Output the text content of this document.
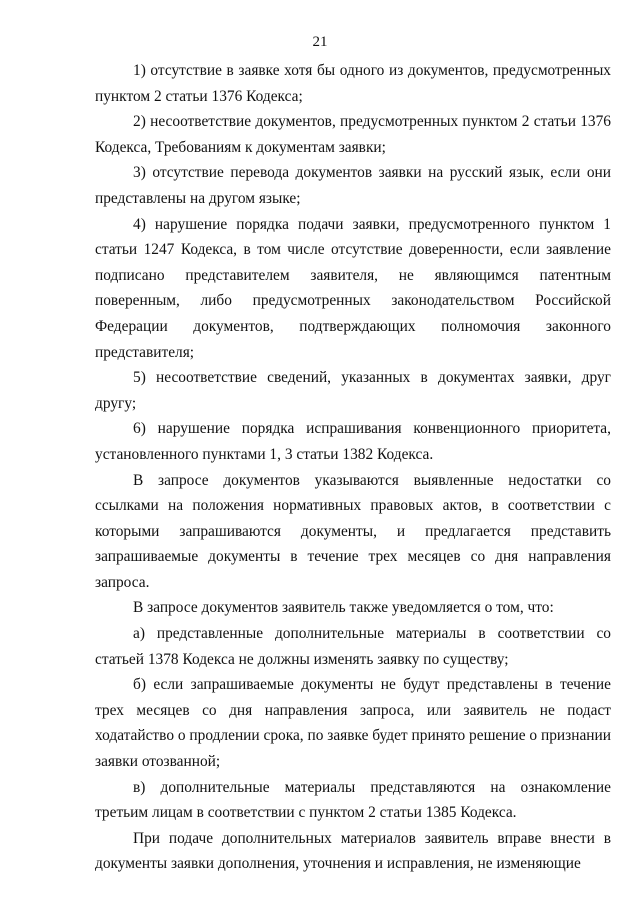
21

1) отсутствие в заявке хотя бы одного из документов, предусмотренных пунктом 2 статьи 1376 Кодекса;

2) несоответствие документов, предусмотренных пунктом 2 статьи 1376 Кодекса, Требованиям к документам заявки;

3) отсутствие перевода документов заявки на русский язык, если они представлены на другом языке;

4) нарушение порядка подачи заявки, предусмотренного пунктом 1 статьи 1247 Кодекса, в том числе отсутствие доверенности, если заявление подписано представителем заявителя, не являющимся патентным поверенным, либо предусмотренных законодательством Российской Федерации документов, подтверждающих полномочия законного представителя;

5) несоответствие сведений, указанных в документах заявки, друг другу;

6) нарушение порядка испрашивания конвенционного приоритета, установленного пунктами 1, 3 статьи 1382 Кодекса.

В запросе документов указываются выявленные недостатки со ссылками на положения нормативных правовых актов, в соответствии с которыми запрашиваются документы, и предлагается представить запрашиваемые документы в течение трех месяцев со дня направления запроса.

В запросе документов заявитель также уведомляется о том, что:

а) представленные дополнительные материалы в соответствии со статьей 1378 Кодекса не должны изменять заявку по существу;

б) если запрашиваемые документы не будут представлены в течение трех месяцев со дня направления запроса, или заявитель не подаст ходатайство о продлении срока, по заявке будет принято решение о признании заявки отозванной;

в) дополнительные материалы представляются на ознакомление третьим лицам в соответствии с пунктом 2 статьи 1385 Кодекса.

При подаче дополнительных материалов заявитель вправе внести в документы заявки дополнения, уточнения и исправления, не изменяющие
